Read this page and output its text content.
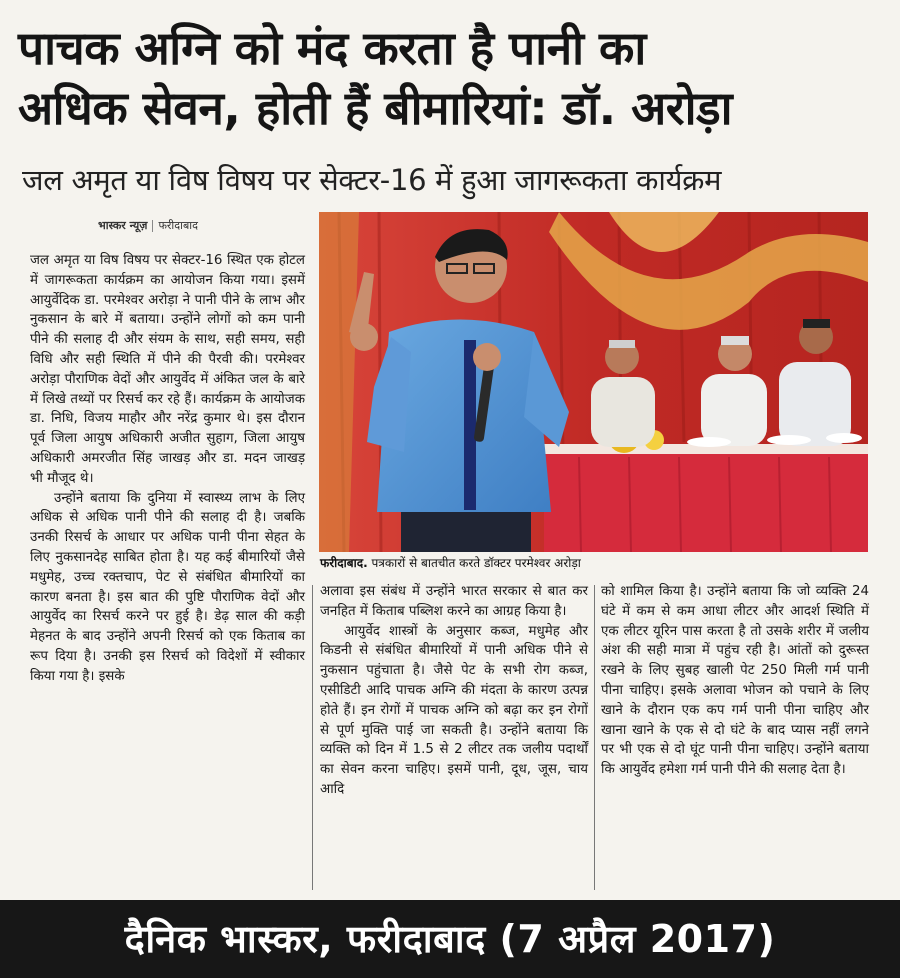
पाचक अग्नि को मंद करता है पानी का
अधिक सेवन, होती हैं बीमारियां: डॉ. अरोड़ा
जल अमृत या विष विषय पर सेक्टर-16 में हुआ जागरूकता कार्यक्रम
भास्कर न्यूज़ फरीदाबाद

जल अमृत या विष विषय पर सेक्टर-16 स्थित एक होटल में जागरूकता कार्यक्रम का आयोजन किया गया। इसमें आयुर्वेदिक डा. परमेश्वर अरोड़ा ने पानी पीने के लाभ और नुकसान के बारे में बताया। उन्होंने लोगों को कम पानी पीने की सलाह दी और संयम के साथ, सही समय, सही विधि और सही स्थिति में पीने की पैरवी की। परमेश्वर अरोड़ा पौराणिक वेदों और आयुर्वेद में अंकित जल के बारे में लिखे तथ्यों पर रिसर्च कर रहे हैं। कार्यक्रम के आयोजक डा. निधि, विजय माहौर और नरेंद्र कुमार थे। इस दौरान पूर्व जिला आयुष अधिकारी अजीत सुहाग, जिला आयुष अधिकारी अमरजीत सिंह जाखड़ और डा. मदन जाखड़ भी मौजूद थे।

उन्होंने बताया कि दुनिया में स्वास्थ्य लाभ के लिए अधिक से अधिक पानी पीने की सलाह दी है। जबकि उनकी रिसर्च के आधार पर अधिक पानी पीना सेहत के लिए नुकसानदेह साबित होता है। यह कई बीमारियों जैसे मधुमेह, उच्च रक्तचाप, पेट से संबंधित बीमारियों का कारण बनता है। इस बात की पुष्टि पौराणिक वेदों और आयुर्वेद का रिसर्च करने पर हुई है। डेढ़ साल की कड़ी मेहनत के बाद उन्होंने अपनी रिसर्च को एक किताब का रूप दिया है। उनकी इस रिसर्च को विदेशों में स्वीकार किया गया है। इसके

फरीदाबाद. पत्रकारों से बातचीत करते डॉक्टर परमेश्वर अरोड़ा

अलावा इस संबंध में उन्होंने भारत सरकार से बात कर जनहित में किताब पब्लिश करने का आग्रह किया है।

आयुर्वेद शास्त्रों के अनुसार कब्ज, मधुमेह और किडनी से संबंधित बीमारियों में पानी अधिक पीने से नुकसान पहुंचाता है। जैसे पेट के सभी रोग कब्ज, एसीडिटी आदि पाचक अग्नि की मंदता के कारण उत्पन्न होते हैं। इन रोगों में पाचक अग्नि को बढ़ा कर इन रोगों से पूर्ण मुक्ति पाई जा सकती है। उन्होंने बताया कि व्यक्ति को दिन में 1.5 से 2 लीटर तक जलीय पदार्थों का सेवन करना चाहिए। इसमें पानी, दूध, जूस, चाय आदि

को शामिल किया है। उन्होंने बताया कि जो व्यक्ति 24 घंटे में कम से कम आधा लीटर और आदर्श स्थिति में एक लीटर यूरिन पास करता है तो उसके शरीर में जलीय अंश की सही मात्रा में पहुंच रही है। आंतों को दुरूस्त रखने के लिए सुबह खाली पेट 250 मिली गर्म पानी पीना चाहिए। इसके अलावा भोजन को पचाने के लिए खाने के दौरान एक कप गर्म पानी पीना चाहिए और खाना खाने के एक से दो घंटे के बाद प्यास नहीं लगने पर भी एक से दो घूंट पानी पीना चाहिए। उन्होंने बताया कि आयुर्वेद हमेशा गर्म पानी पीने की सलाह देता है।

दैनिक भास्कर, फरीदाबाद (7 अप्रैल 2017)
